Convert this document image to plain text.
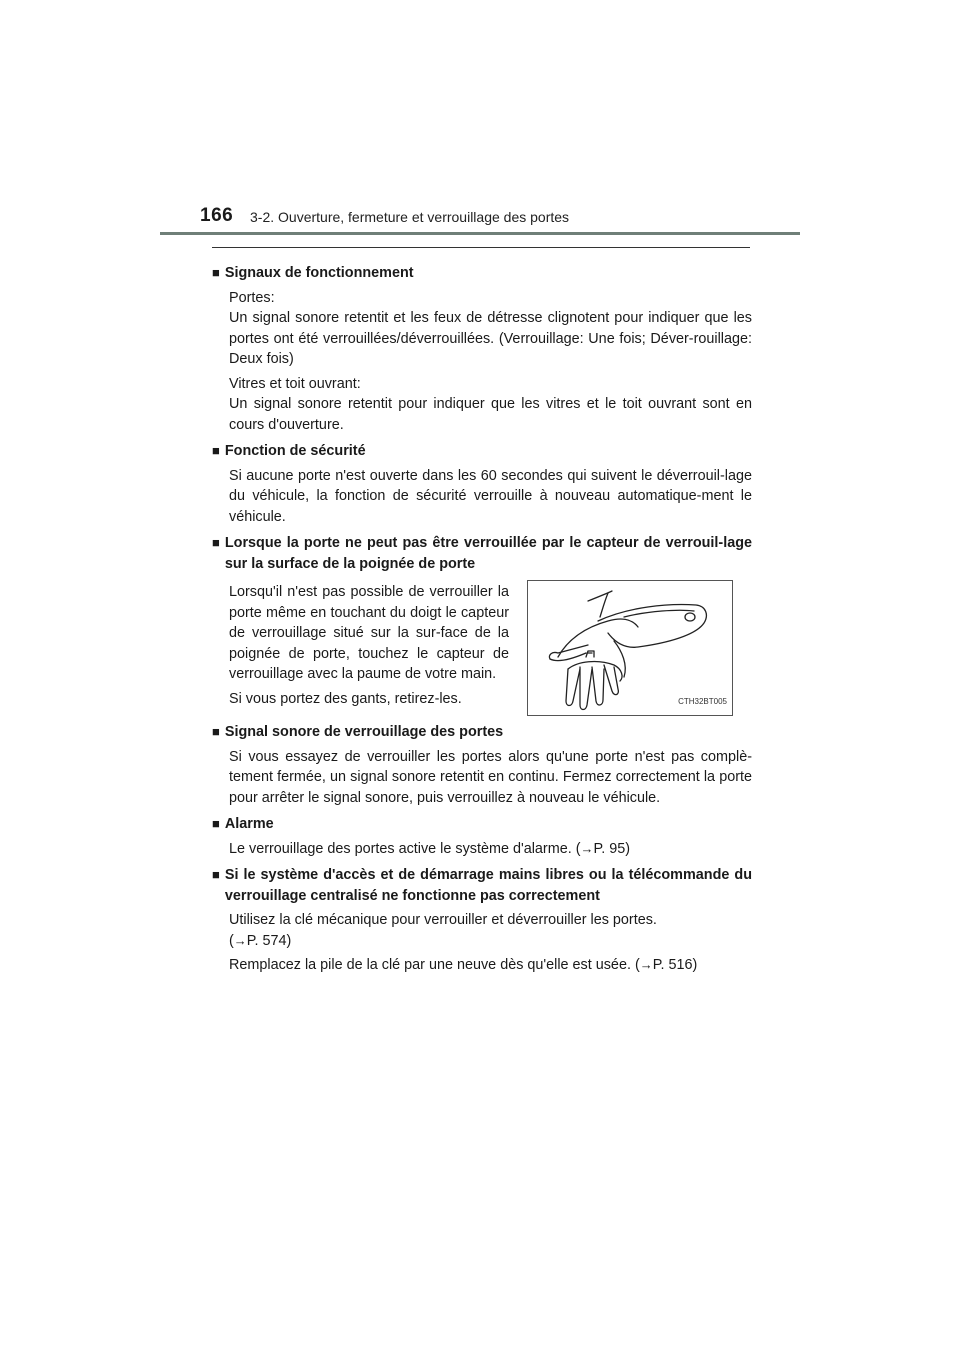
166 3-2. Ouverture, fermeture et verrouillage des portes
■ Signaux de fonctionnement
Portes:
Un signal sonore retentit et les feux de détresse clignotent pour indiquer que les portes ont été verrouillées/déverrouillées. (Verrouillage: Une fois; Déver-rouillage: Deux fois)
Vitres et toit ouvrant:
Un signal sonore retentit pour indiquer que les vitres et le toit ouvrant sont en cours d'ouverture.
■ Fonction de sécurité
Si aucune porte n'est ouverte dans les 60 secondes qui suivent le déverrouil-lage du véhicule, la fonction de sécurité verrouille à nouveau automatique-ment le véhicule.
■ Lorsque la porte ne peut pas être verrouillée par le capteur de verrouil-lage sur la surface de la poignée de porte
Lorsqu'il n'est pas possible de verrouiller la porte même en touchant du doigt le capteur de verrouillage situé sur la sur-face de la poignée de porte, touchez le capteur de verrouillage avec la paume de votre main.
Si vous portez des gants, retirez-les.	CTH32BT005
■ Signal sonore de verrouillage des portes
Si vous essayez de verrouiller les portes alors qu'une porte n'est pas complè-tement fermée, un signal sonore retentit en continu. Fermez correctement la porte pour arrêter le signal sonore, puis verrouillez à nouveau le véhicule.
■ Alarme
Le verrouillage des portes active le système d'alarme. (→P. 95)
■ Si le système d'accès et de démarrage mains libres ou la télécommande du verrouillage centralisé ne fonctionne pas correctement
Utilisez la clé mécanique pour verrouiller et déverrouiller les portes.
(→P. 574)
Remplacez la pile de la clé par une neuve dès qu'elle est usée. (→P. 516)
